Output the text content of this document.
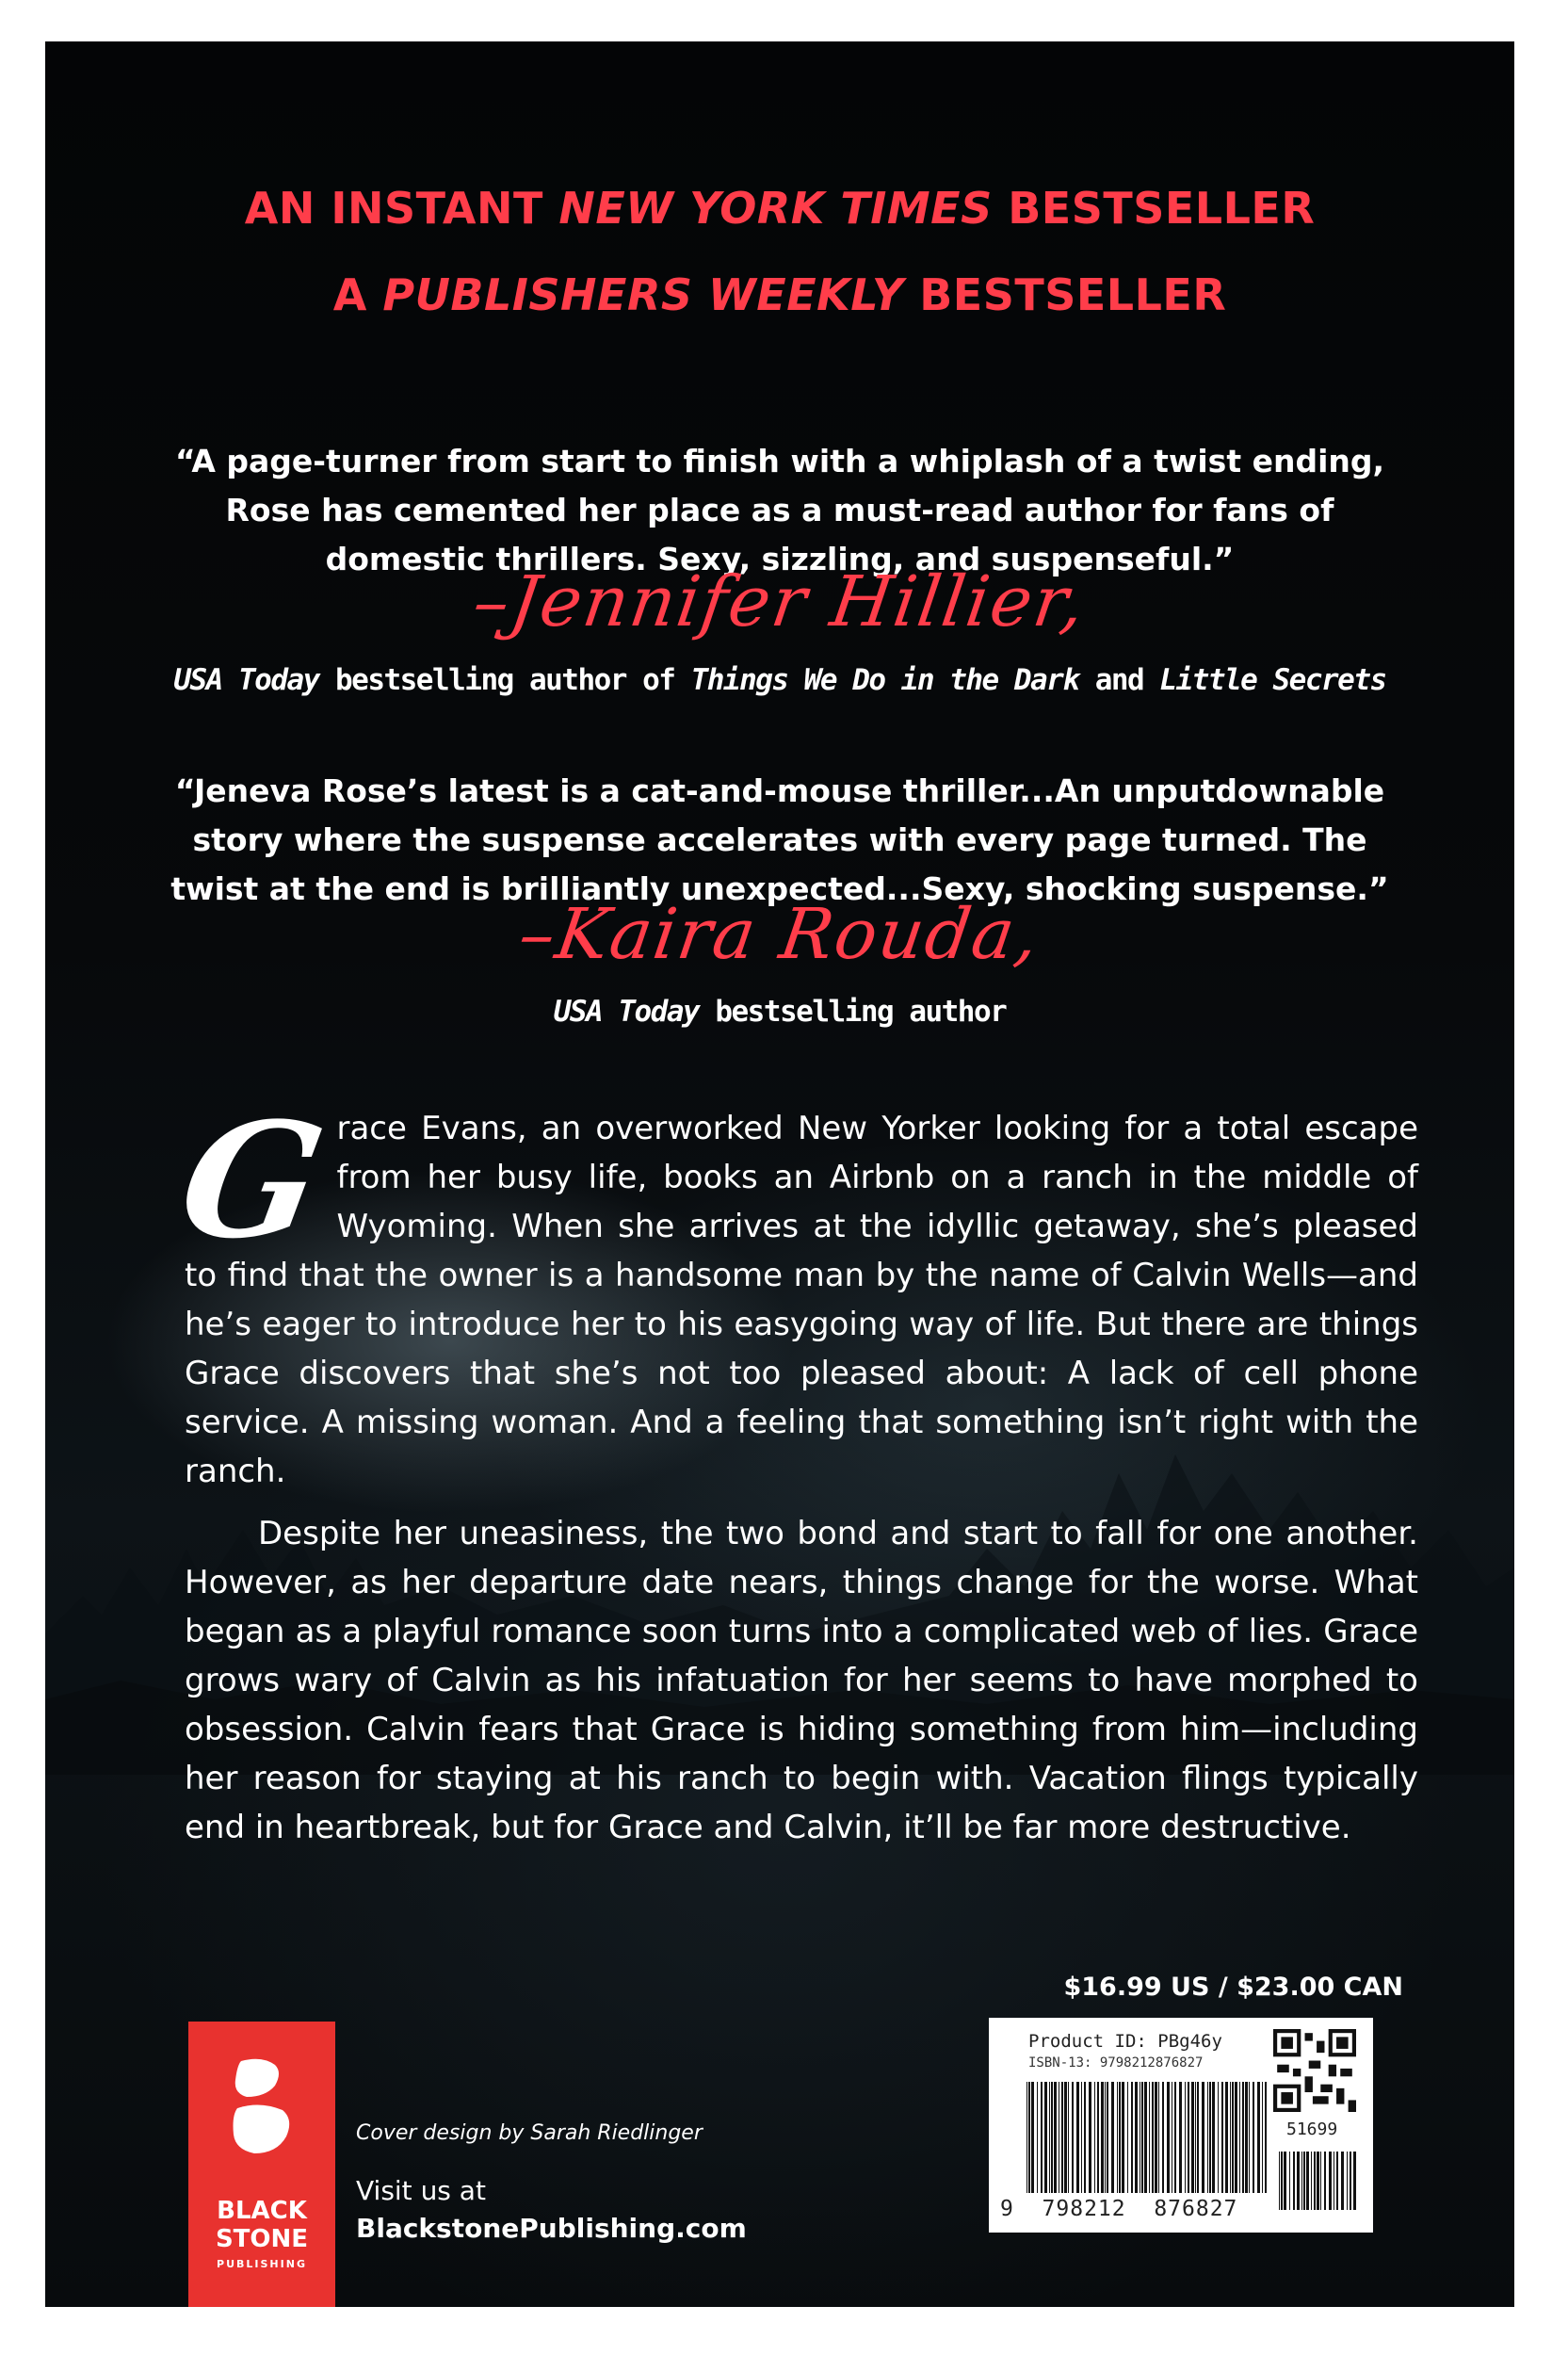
AN INSTANT NEW YORK TIMES BESTSELLER
A PUBLISHERS WEEKLY BESTSELLER
“A page-turner from start to finish with a whiplash of a twist ending, Rose has cemented her place as a must-read author for fans of domestic thrillers. Sexy, sizzling, and suspenseful.”
–Jennifer Hillier,
USA Today bestselling author of Things We Do in the Dark and Little Secrets
“Jeneva Rose’s latest is a cat-and-mouse thriller...An unputdownable story where the suspense accelerates with every page turned. The twist at the end is brilliantly unexpected...Sexy, shocking suspense.”
–Kaira Rouda,
USA Today bestselling author

Grace Evans, an overworked New Yorker looking for a total escape from her busy life, books an Airbnb on a ranch in the middle of Wyoming. When she arrives at the idyllic getaway, she’s pleased to find that the owner is a handsome man by the name of Calvin Wells—and he’s eager to introduce her to his easygoing way of life. But there are things Grace discovers that she’s not too pleased about: A lack of cell phone service. A missing woman. And a feeling that something isn’t right with the ranch.

Despite her uneasiness, the two bond and start to fall for one another. However, as her departure date nears, things change for the worse. What began as a playful romance soon turns into a complicated web of lies. Grace grows wary of Calvin as his infatuation for her seems to have morphed to obsession. Calvin fears that Grace is hiding something from him—including her reason for staying at his ranch to begin with. Vacation flings typically end in heartbreak, but for Grace and Calvin, it’ll be far more destructive.

$16.99 US / $23.00 CAN
BLACK
STONE
PUBLISHING
Cover design by Sarah Riedlinger
Visit us at
BlackstonePublishing.com
Product ID: PBg46y
ISBN-13: 9798212876827
51699
9  798212  876827
